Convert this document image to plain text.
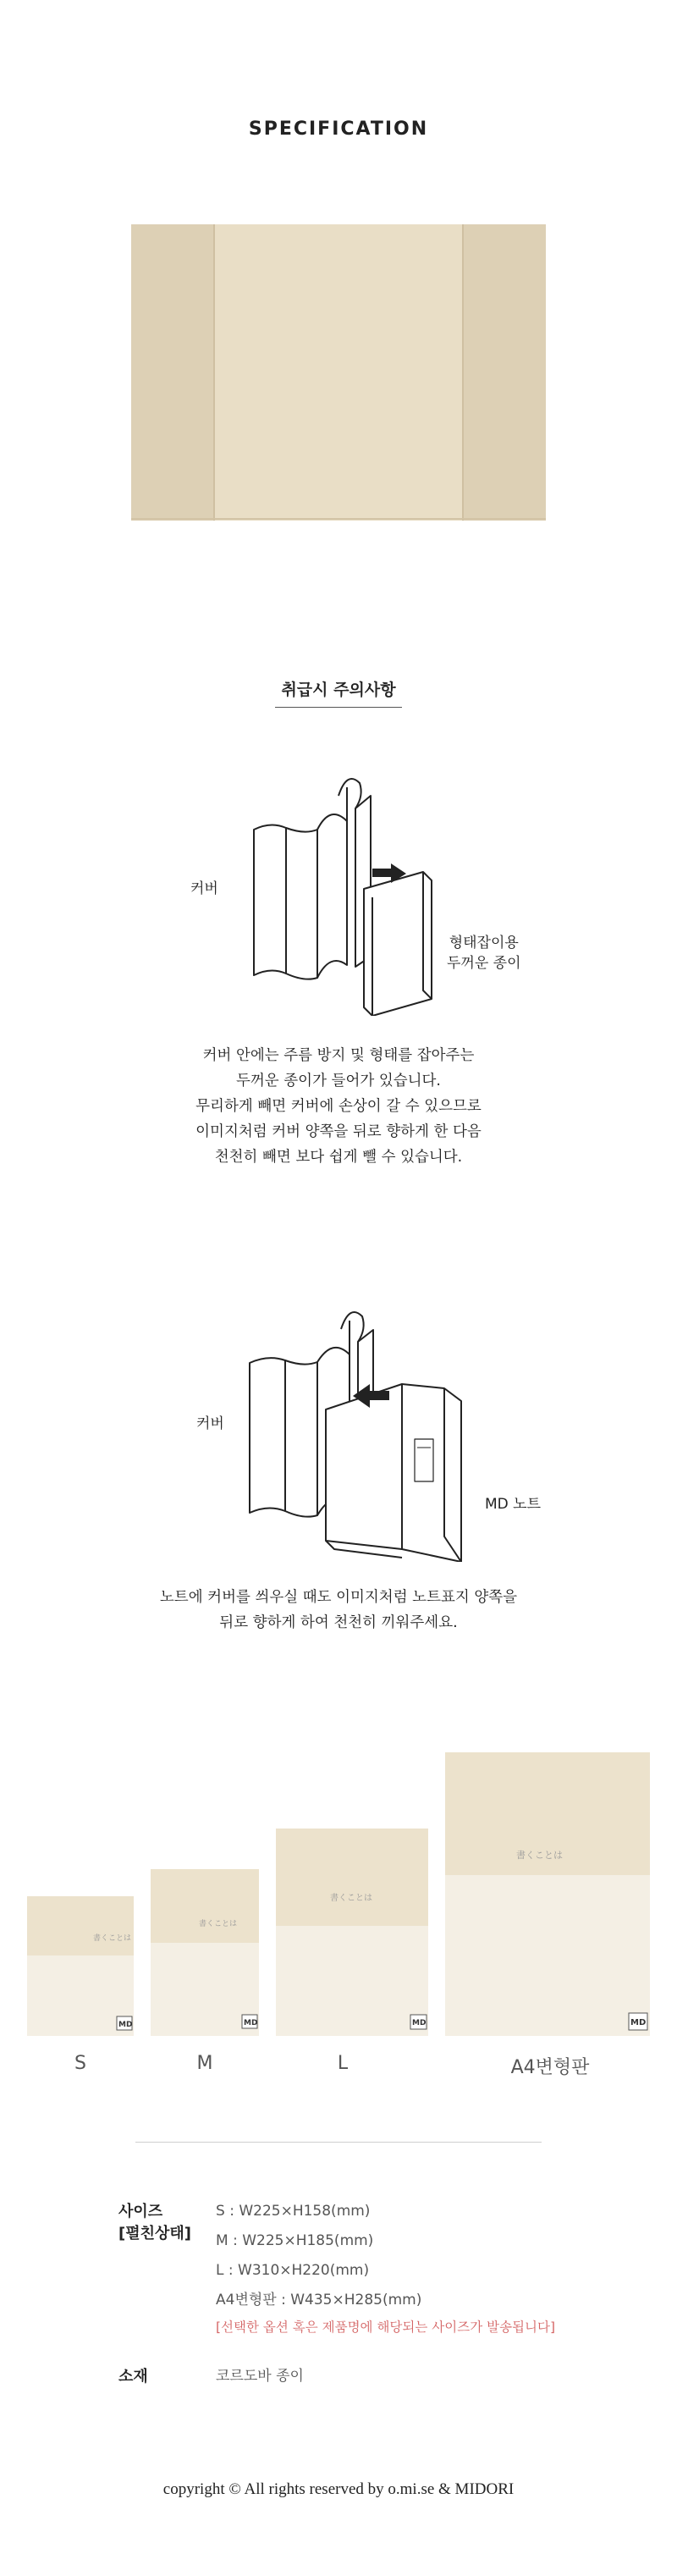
SPECIFICATION
취급시 주의사항
커버
형태잡이용
두꺼운 종이
커버 안에는 주름 방지 및 형태를 잡아주는
두꺼운 종이가 들어가 있습니다.
무리하게 빼면 커버에 손상이 갈 수 있으므로
이미지처럼 커버 양쪽을 뒤로 향하게 한 다음
천천히 빼면 보다 쉽게 뺄 수 있습니다.
커버
MD 노트
노트에 커버를 씌우실 때도 이미지처럼 노트표지 양쪽을
뒤로 향하게 하여 천천히 끼워주세요.
書くことは
MD
書くことは
MD
書くことは
MD
書くことは
MD
S	M	L	A4변형판
사이즈
[펼친상태]
S : W225×H158(mm)
M : W225×H185(mm)
L : W310×H220(mm)
A4변형판 : W435×H285(mm)
[선택한 옵션 혹은 제품명에 해당되는 사이즈가 발송됩니다]
소재	코르도바 종이
copyright © All rights reserved by o.mi.se & MIDORI
